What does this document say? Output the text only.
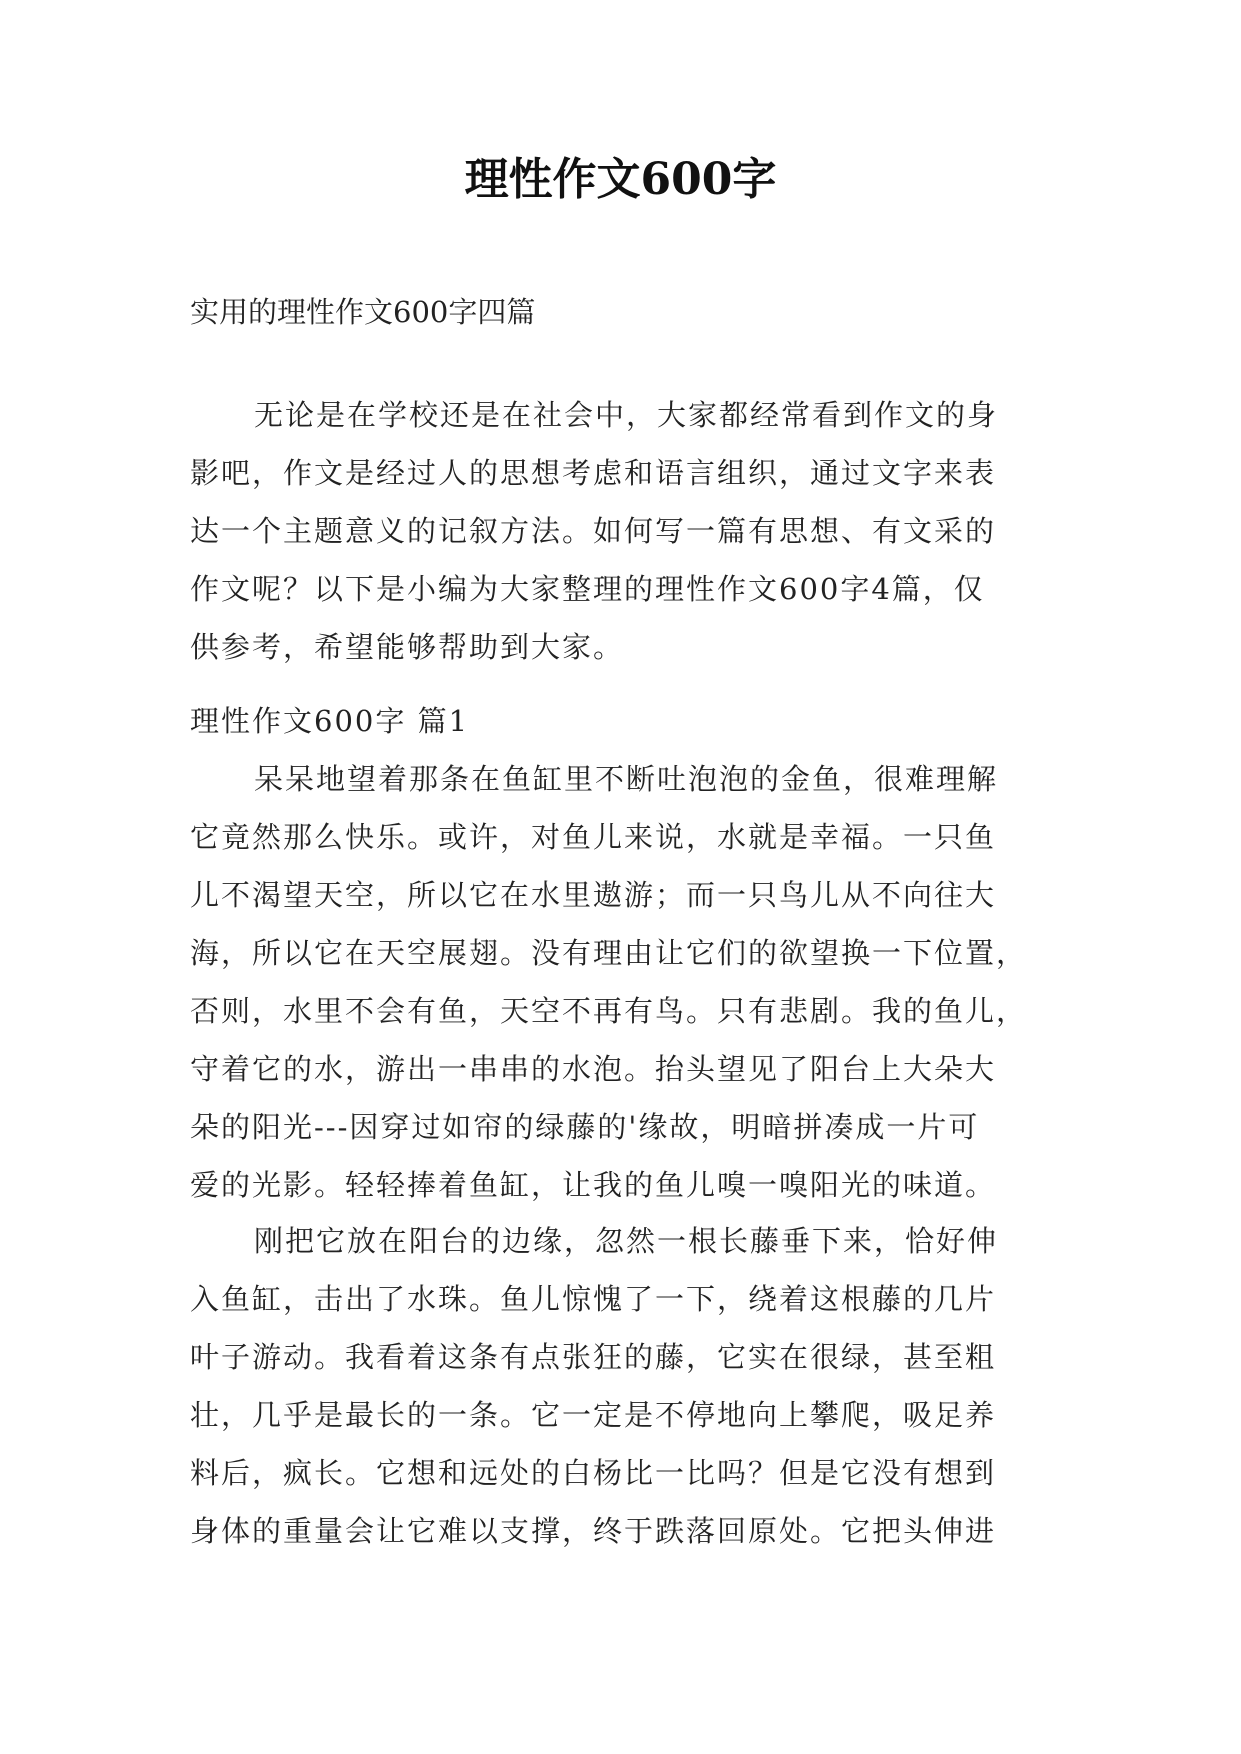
理性作文600字
实用的理性作文600字四篇
无论是在学校还是在社会中，大家都经常看到作文的身
影吧，作文是经过人的思想考虑和语言组织，通过文字来表
达一个主题意义的记叙方法。如何写一篇有思想、有文采的
作文呢？以下是小编为大家整理的理性作文600字4篇，仅
供参考，希望能够帮助到大家。
理性作文600字 篇1
呆呆地望着那条在鱼缸里不断吐泡泡的金鱼，很难理解
它竟然那么快乐。或许，对鱼儿来说，水就是幸福。一只鱼
儿不渴望天空，所以它在水里遨游；而一只鸟儿从不向往大
海，所以它在天空展翅。没有理由让它们的欲望换一下位置，
否则，水里不会有鱼，天空不再有鸟。只有悲剧。我的鱼儿，
守着它的水，游出一串串的水泡。抬头望见了阳台上大朵大
朵的阳光---因穿过如帘的绿藤的'缘故，明暗拼凑成一片可
爱的光影。轻轻捧着鱼缸，让我的鱼儿嗅一嗅阳光的味道。
刚把它放在阳台的边缘，忽然一根长藤垂下来，恰好伸
入鱼缸，击出了水珠。鱼儿惊愧了一下，绕着这根藤的几片
叶子游动。我看着这条有点张狂的藤，它实在很绿，甚至粗
壮，几乎是最长的一条。它一定是不停地向上攀爬，吸足养
料后，疯长。它想和远处的白杨比一比吗？但是它没有想到
身体的重量会让它难以支撑，终于跌落回原处。它把头伸进
